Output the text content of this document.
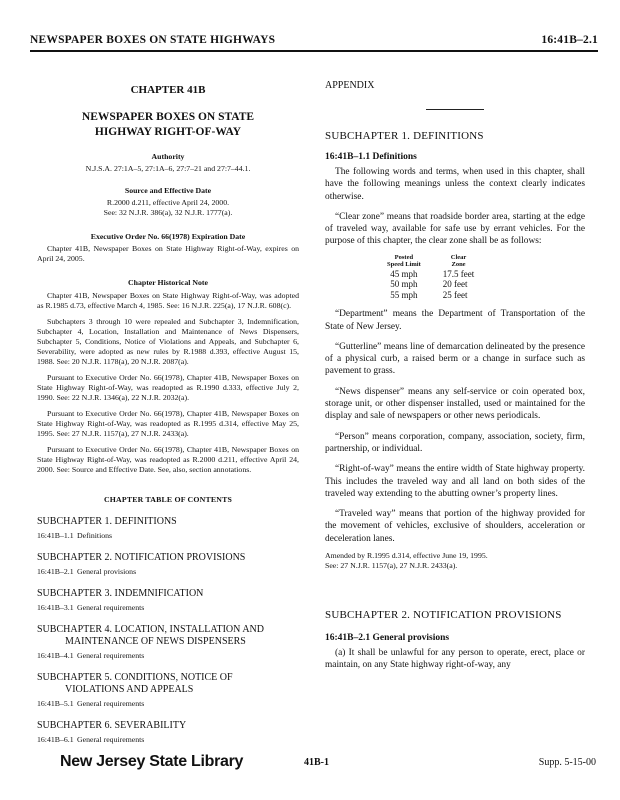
NEWSPAPER BOXES ON STATE HIGHWAYS	16:41B–2.1
CHAPTER 41B
NEWSPAPER BOXES ON STATE
HIGHWAY RIGHT-OF-WAY
Authority
N.J.S.A. 27:1A–5, 27:1A–6, 27:7–21 and 27:7–44.1.
Source and Effective Date
R.2000 d.211, effective April 24, 2000.
See: 32 N.J.R. 386(a), 32 N.J.R. 1777(a).
Executive Order No. 66(1978) Expiration Date

Chapter 41B, Newspaper Boxes on State Highway Right-of-Way, expires on April 24, 2005.

Chapter Historical Note

Chapter 41B, Newspaper Boxes on State Highway Right-of-Way, was adopted as R.1985 d.73, effective March 4, 1985. See: 16 N.J.R. 225(a), 17 N.J.R. 608(c).

Subchapters 3 through 10 were repealed and Subchapter 3, Indemnification, Subchapter 4, Location, Installation and Maintenance of News Dispensers, Subchapter 5, Conditions, Notice of Violations and Appeals, and Subchapter 6, Severability, were adopted as new rules by R.1988 d.393, effective August 15, 1988. See: 20 N.J.R. 1178(a), 20 N.J.R. 2087(a).

Pursuant to Executive Order No. 66(1978), Chapter 41B, Newspaper Boxes on State Highway Right-of-Way, was readopted as R.1990 d.333, effective July 2, 1990. See: 22 N.J.R. 1346(a), 22 N.J.R. 2032(a).

Pursuant to Executive Order No. 66(1978), Chapter 41B, Newspaper Boxes on State Highway Right-of-Way, was readopted as R.1995 d.314, effective May 25, 1995. See: 27 N.J.R. 1157(a), 27 N.J.R. 2433(a).

Pursuant to Executive Order No. 66(1978), Chapter 41B, Newspaper Boxes on State Highway Right-of-Way, was readopted as R.2000 d.211, effective April 24, 2000. See: Source and Effective Date. See, also, section annotations.

CHAPTER TABLE OF CONTENTS
SUBCHAPTER 1. DEFINITIONS
16:41B–1.1 Definitions
SUBCHAPTER 2. NOTIFICATION PROVISIONS
16:41B–2.1 General provisions
SUBCHAPTER 3. INDEMNIFICATION
16:41B–3.1 General requirements
SUBCHAPTER 4. LOCATION, INSTALLATION AND
MAINTENANCE OF NEWS DISPENSERS
16:41B–4.1 General requirements
SUBCHAPTER 5. CONDITIONS, NOTICE OF
VIOLATIONS AND APPEALS
16:41B–5.1 General requirements
SUBCHAPTER 6. SEVERABILITY
16:41B–6.1 General requirements
APPENDIX
SUBCHAPTER 1. DEFINITIONS
16:41B–1.1 Definitions

The following words and terms, when used in this chapter, shall have the following meanings unless the context clearly indicates otherwise.

“Clear zone” means that roadside border area, starting at the edge of traveled way, available for safe use by errant vehicles. For the purpose of this chapter, the clear zone shall be as follows:

Posted
Speed Limit	Clear
Zone
45 mph	17.5 feet
50 mph	20 feet
55 mph	25 feet

“Department” means the Department of Transportation of the State of New Jersey.

“Gutterline” means line of demarcation delineated by the presence of a physical curb, a raised berm or a change in surface such as pavement to grass.

“News dispenser” means any self-service or coin operated box, storage unit, or other dispenser installed, used or maintained for the display and sale of newspapers or other news periodicals.

“Person” means corporation, company, association, society, firm, partnership, or individual.

“Right-of-way” means the entire width of State highway property. This includes the traveled way and all land on both sides of the traveled way extending to the abutting owner’s property lines.

“Traveled way” means that portion of the highway provided for the movement of vehicles, exclusive of shoulders, acceleration or deceleration lanes.

Amended by R.1995 d.314, effective June 19, 1995.
See: 27 N.J.R. 1157(a), 27 N.J.R. 2433(a).
SUBCHAPTER 2. NOTIFICATION PROVISIONS
16:41B–2.1 General provisions

(a) It shall be unlawful for any person to operate, erect, place or maintain, on any State highway right-of-way, any

New Jersey State Library	41B-1	Supp. 5-15-00
